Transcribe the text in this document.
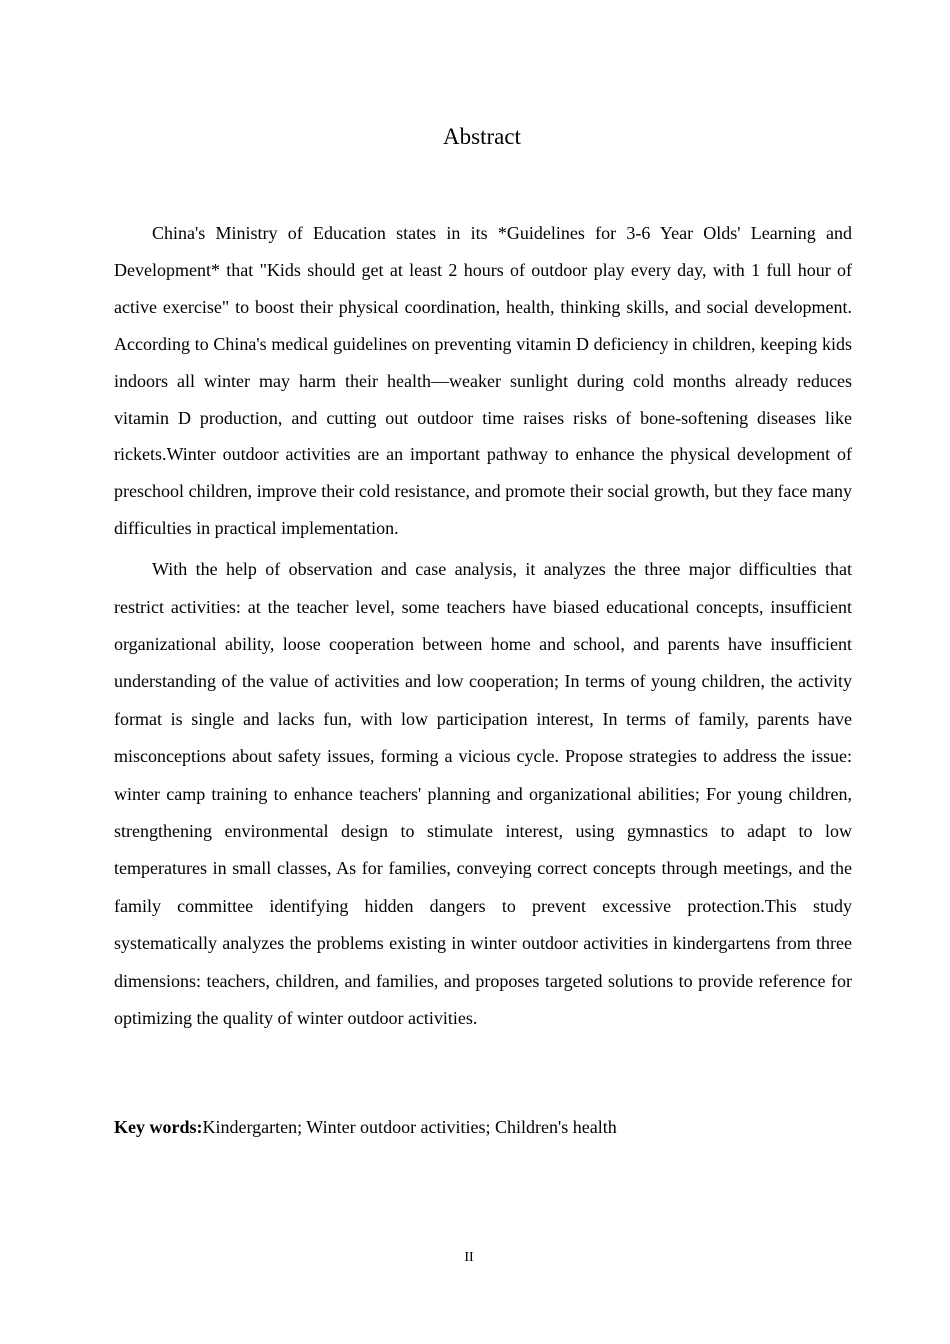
Abstract

China's Ministry of Education states in its *Guidelines for 3-6 Year Olds' Learning and Development* that "Kids should get at least 2 hours of outdoor play every day, with 1 full hour of active exercise" to boost their physical coordination, health, thinking skills, and social development. According to China's medical guidelines on preventing vitamin D deficiency in children, keeping kids indoors all winter may harm their health—weaker sunlight during cold months already reduces vitamin D production, and cutting out outdoor time raises risks of bone-softening diseases like rickets.Winter outdoor activities are an important pathway to enhance the physical development of preschool children, improve their cold resistance, and promote their social growth, but they face many difficulties in practical implementation.

With the help of observation and case analysis, it analyzes the three major difficulties that restrict activities: at the teacher level, some teachers have biased educational concepts, insufficient organizational ability, loose cooperation between home and school, and parents have insufficient understanding of the value of activities and low cooperation; In terms of young children, the activity format is single and lacks fun, with low participation interest, In terms of family, parents have misconceptions about safety issues, forming a vicious cycle. Propose strategies to address the issue: winter camp training to enhance teachers' planning and organizational abilities; For young children, strengthening environmental design to stimulate interest, using gymnastics to adapt to low temperatures in small classes, As for families, conveying correct concepts through meetings, and the family committee identifying hidden dangers to prevent excessive protection.This study systematically analyzes the problems existing in winter outdoor activities in kindergartens from three dimensions: teachers, children, and families, and proposes targeted solutions to provide reference for optimizing the quality of winter outdoor activities.

Key words:Kindergarten; Winter outdoor activities; Children's health
II
